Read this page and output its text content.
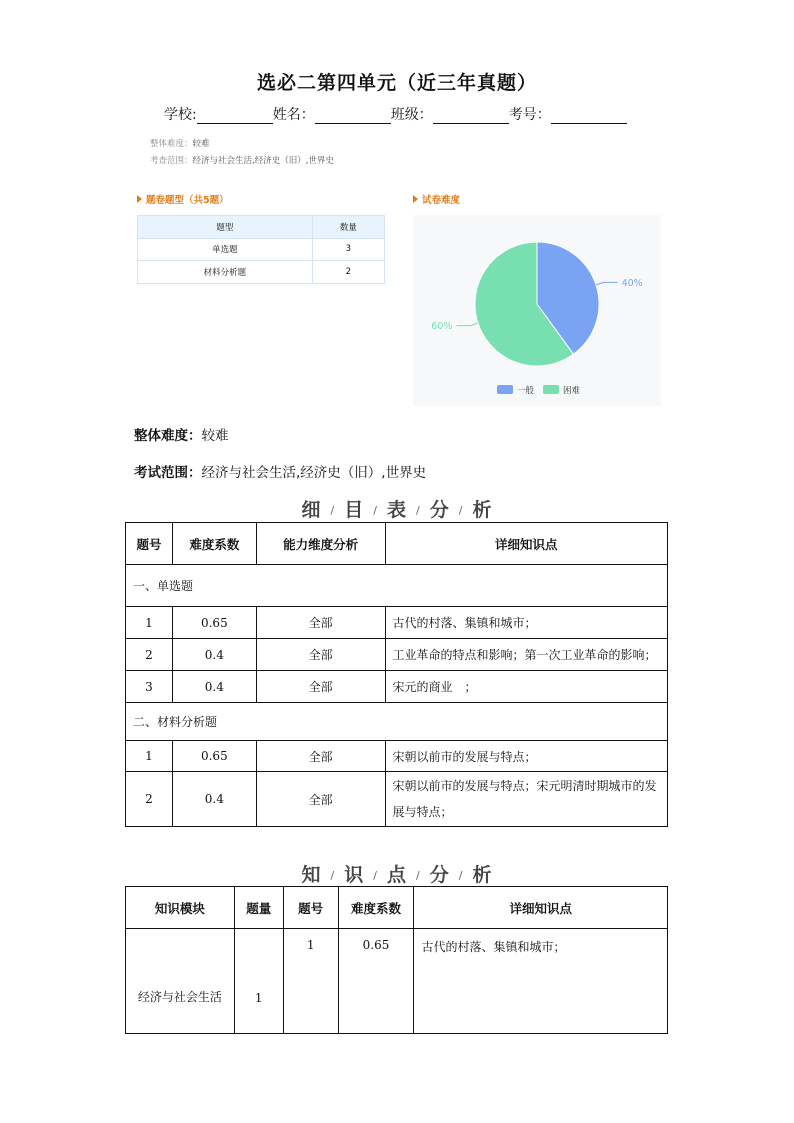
选必二第四单元（近三年真题）
学校:	姓名：	班级：	考号：
整体难度：较难
考查范围：经济与社会生活,经济史（旧）,世界史
题卷题型（共5题）	试卷难度
题型	数量
单选题	3
材料分析题	2
40%
60%
一般	困难
整体难度：较难
考试范围：经济与社会生活,经济史（旧）,世界史
细 / 目 / 表 / 分 / 析
题号	难度系数	能力维度分析	详细知识点
一、单选题			
1	0.65	全部	古代的村落、集镇和城市；
2	0.4	全部	工业革命的特点和影响；第一次工业革命的影响；
3	0.4	全部	宋元的商业　；
二、材料分析题			
1	0.65	全部	宋朝以前市的发展与特点；
2	0.4	全部	宋朝以前市的发展与特点；宋元明清时期城市的发展与特点；
知 / 识 / 点 / 分 / 析
知识模块	题量	题号	难度系数	详细知识点
经济与社会生活	1	1	0.65	古代的村落、集镇和城市；
